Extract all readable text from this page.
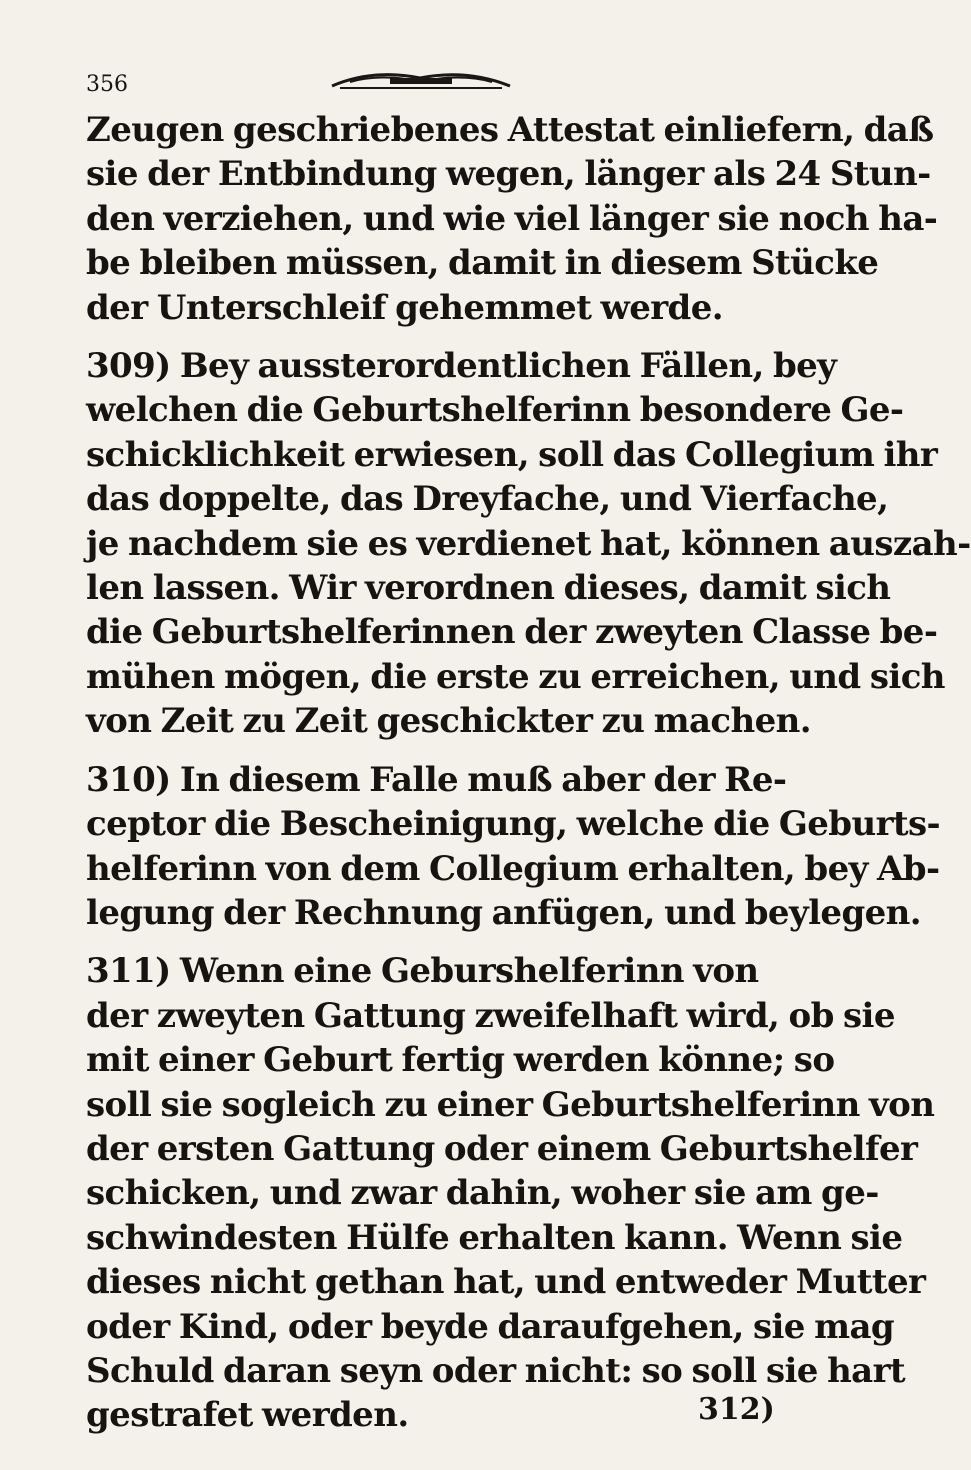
356
Zeugen geschriebenes Attestat einliefern, daß
sie der Entbindung wegen, länger als 24 Stun-
den verziehen, und wie viel länger sie noch ha-
be bleiben müssen, damit in diesem Stücke
der Unterschleif gehemmet werde.
309) Bey aussterordentlichen Fällen, bey
welchen die Geburtshelferinn besondere Ge-
schicklichkeit erwiesen, soll das Collegium ihr
das doppelte, das Dreyfache, und Vierfache,
je nachdem sie es verdienet hat, können auszah-
len lassen. Wir verordnen dieses, damit sich
die Geburtshelferinnen der zweyten Classe be-
mühen mögen, die erste zu erreichen, und sich
von Zeit zu Zeit geschickter zu machen.
310) In diesem Falle muß aber der Re-
ceptor die Bescheinigung, welche die Geburts-
helferinn von dem Collegium erhalten, bey Ab-
legung der Rechnung anfügen, und beylegen.
311) Wenn eine Geburshelferinn von
der zweyten Gattung zweifelhaft wird, ob sie
mit einer Geburt fertig werden könne; so
soll sie sogleich zu einer Geburtshelferinn von
der ersten Gattung oder einem Geburtshelfer
schicken, und zwar dahin, woher sie am ge-
schwindesten Hülfe erhalten kann. Wenn sie
dieses nicht gethan hat, und entweder Mutter
oder Kind, oder beyde daraufgehen, sie mag
Schuld daran seyn oder nicht: so soll sie hart
gestrafet werden.	312)
